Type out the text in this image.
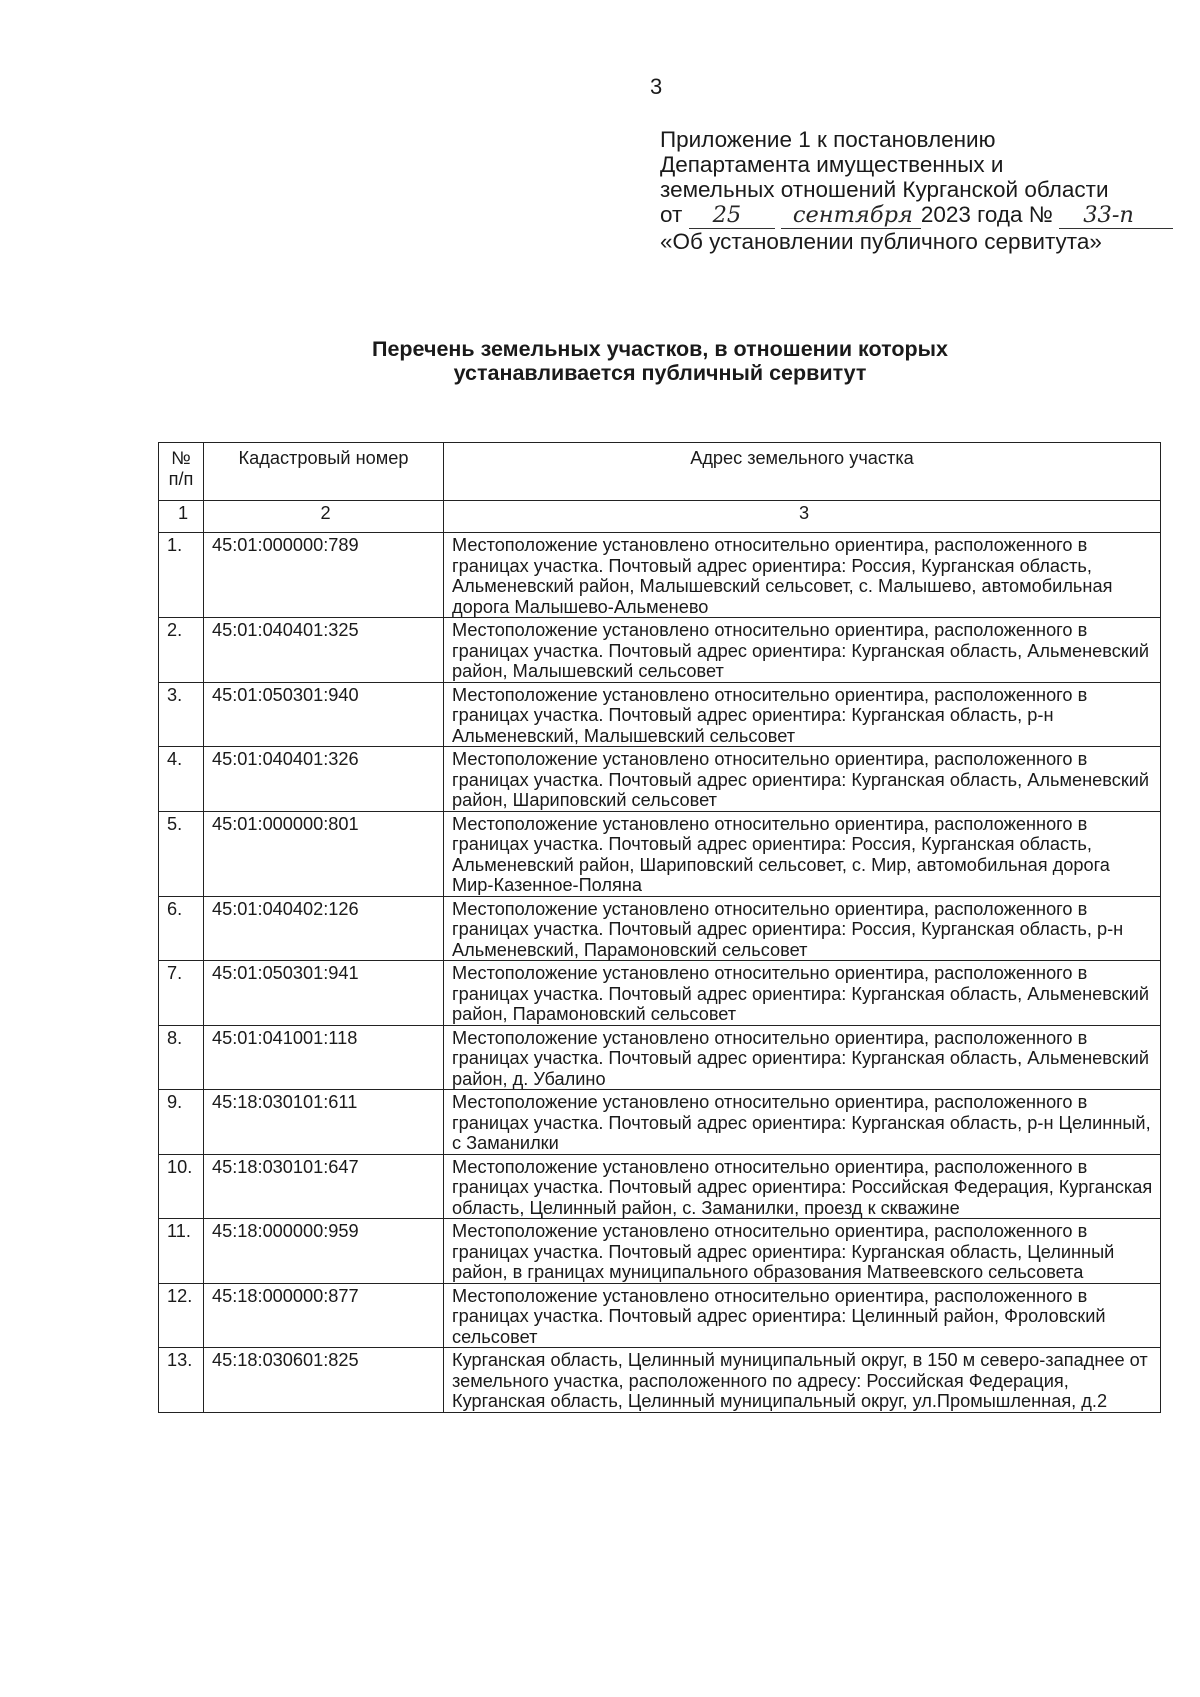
3
Приложение 1 к постановлению
Департамента имущественных и
земельных отношений Курганской области
от 25 сентября 2023 года № 33-п
«Об установлении публичного сервитута»
Перечень земельных участков, в отношении которых
устанавливается публичный сервитут
№ п/п	Кадастровый номер	Адрес земельного участка
1	2	3
1.	45:01:000000:789	Местоположение установлено относительно ориентира, расположенного в границах участка. Почтовый адрес ориентира: Россия, Курганская область, Альменевский район, Малышевский сельсовет, с. Малышево, автомобильная дорога Малышево-Альменево
2.	45:01:040401:325	Местоположение установлено относительно ориентира, расположенного в границах участка. Почтовый адрес ориентира: Курганская область, Альменевский район, Малышевский сельсовет
3.	45:01:050301:940	Местоположение установлено относительно ориентира, расположенного в границах участка. Почтовый адрес ориентира: Курганская область, р-н Альменевский, Малышевский сельсовет
4.	45:01:040401:326	Местоположение установлено относительно ориентира, расположенного в границах участка. Почтовый адрес ориентира: Курганская область, Альменевский район, Шариповский сельсовет
5.	45:01:000000:801	Местоположение установлено относительно ориентира, расположенного в границах участка. Почтовый адрес ориентира: Россия, Курганская область, Альменевский район, Шариповский сельсовет, с. Мир, автомобильная дорога Мир-Казенное-Поляна
6.	45:01:040402:126	Местоположение установлено относительно ориентира, расположенного в границах участка. Почтовый адрес ориентира: Россия, Курганская область, р-н Альменевский, Парамоновский сельсовет
7.	45:01:050301:941	Местоположение установлено относительно ориентира, расположенного в границах участка. Почтовый адрес ориентира: Курганская область, Альменевский район, Парамоновский сельсовет
8.	45:01:041001:118	Местоположение установлено относительно ориентира, расположенного в границах участка. Почтовый адрес ориентира: Курганская область, Альменевский район, д. Убалино
9.	45:18:030101:611	Местоположение установлено относительно ориентира, расположенного в границах участка. Почтовый адрес ориентира: Курганская область, р-н Целинный, с Заманилки
10.	45:18:030101:647	Местоположение установлено относительно ориентира, расположенного в границах участка. Почтовый адрес ориентира: Российская Федерация, Курганская область, Целинный район, с. Заманилки, проезд к скважине
11.	45:18:000000:959	Местоположение установлено относительно ориентира, расположенного в границах участка. Почтовый адрес ориентира: Курганская область, Целинный район, в границах муниципального образования Матвеевского сельсовета
12.	45:18:000000:877	Местоположение установлено относительно ориентира, расположенного в границах участка. Почтовый адрес ориентира: Целинный район, Фроловский сельсовет
13.	45:18:030601:825	Курганская область, Целинный муниципальный округ, в 150 м северо-западнее от земельного участка, расположенного по адресу: Российская Федерация, Курганская область, Целинный муниципальный округ, ул.Промышленная, д.2
